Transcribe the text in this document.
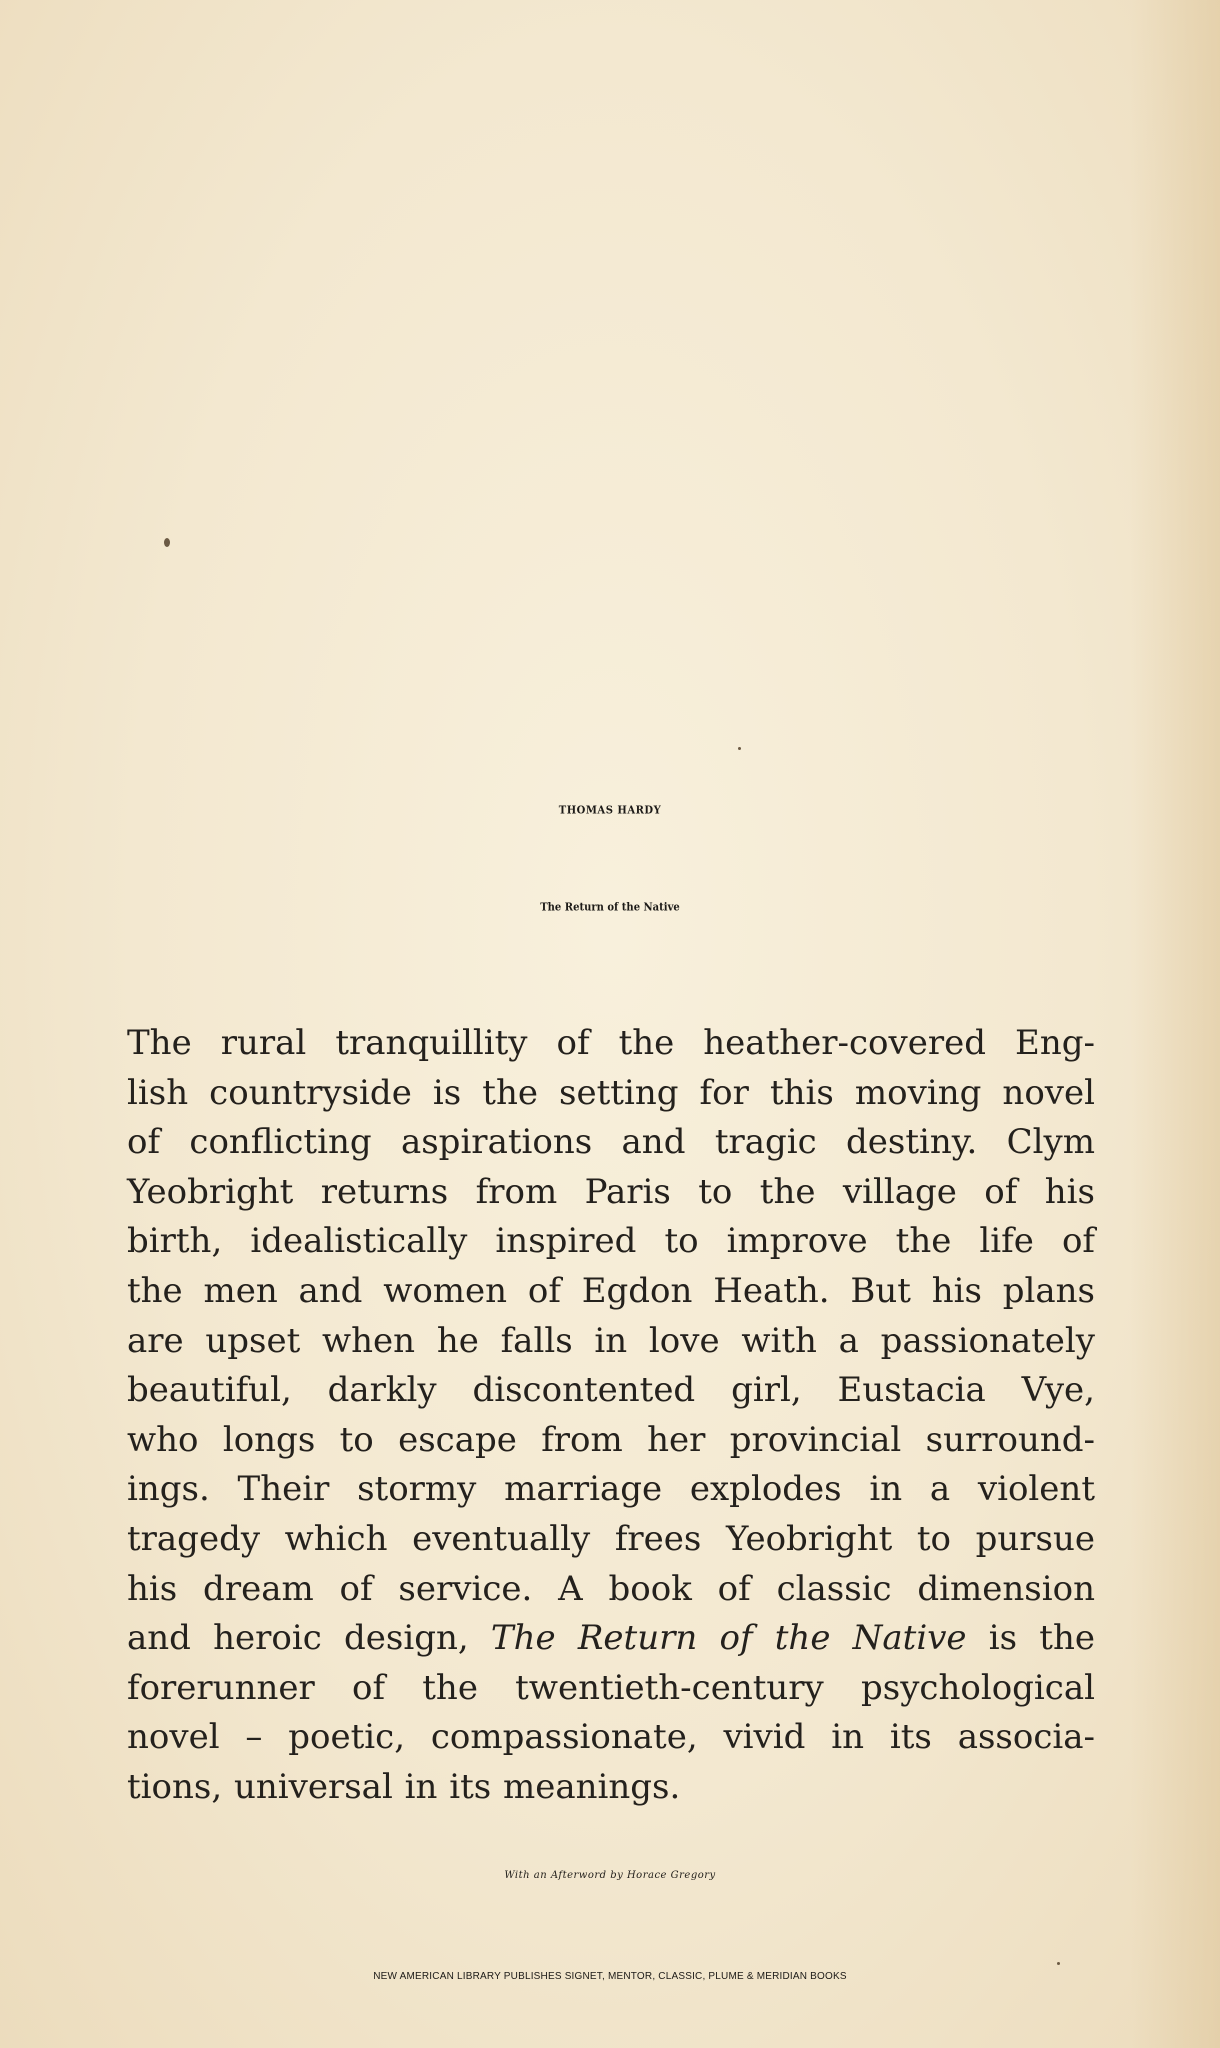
THOMAS HARDY
The Return of the Native
The rural tranquillity of the heather-covered Eng-
lish countryside is the setting for this moving novel
of conflicting aspirations and tragic destiny. Clym
Yeobright returns from Paris to the village of his
birth, idealistically inspired to improve the life of
the men and women of Egdon Heath. But his plans
are upset when he falls in love with a passionately
beautiful, darkly discontented girl, Eustacia Vye,
who longs to escape from her provincial surround-
ings. Their stormy marriage explodes in a violent
tragedy which eventually frees Yeobright to pursue
his dream of service. A book of classic dimension
and heroic design, The Return of the Native is the
forerunner of the twentieth-century psychological
novel – poetic, compassionate, vivid in its associa-
tions, universal in its meanings.

With an Afterword by Horace Gregory

NEW AMERICAN LIBRARY PUBLISHES SIGNET, MENTOR, CLASSIC, PLUME & MERIDIAN BOOKS
